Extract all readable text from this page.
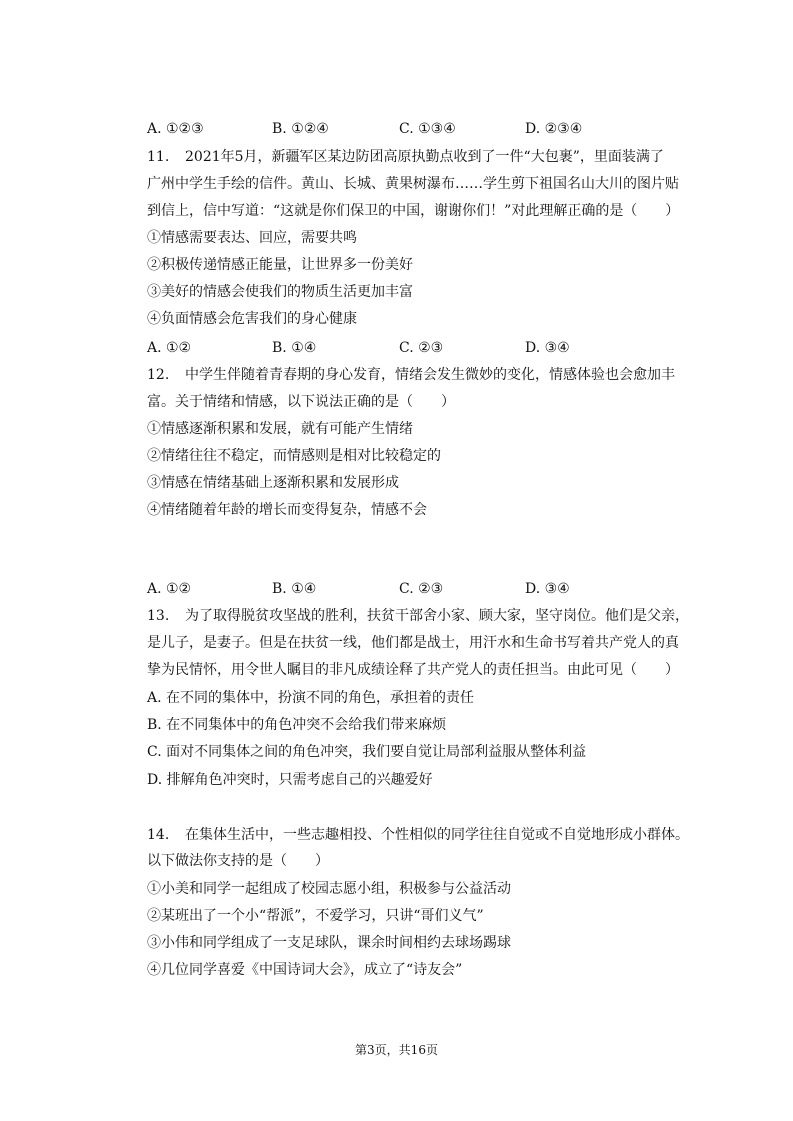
A. ①②③	B. ①②④	C. ①③④	D. ②③④
11. 2021年5月，新疆军区某边防团高原执勤点收到了一件“大包裹”，里面装满了
广州中学生手绘的信件。黄山、长城、黄果树瀑布……学生剪下祖国名山大川的图片贴
到信上，信中写道：“这就是你们保卫的中国，谢谢你们！”对此理解正确的是（　　）
①情感需要表达、回应，需要共鸣
②积极传递情感正能量，让世界多一份美好
③美好的情感会使我们的物质生活更加丰富
④负面情感会危害我们的身心健康
A. ①②	B. ①④	C. ②③	D. ③④
12. 中学生伴随着青春期的身心发育，情绪会发生微妙的变化，情感体验也会愈加丰
富。关于情绪和情感，以下说法正确的是（　　）
①情感逐渐积累和发展，就有可能产生情绪
②情绪往往不稳定，而情感则是相对比较稳定的
③情感在情绪基础上逐渐积累和发展形成
④情绪随着年龄的增长而变得复杂，情感不会
A. ①②	B. ①④	C. ②③	D. ③④
13. 为了取得脱贫攻坚战的胜利，扶贫干部舍小家、顾大家，坚守岗位。他们是父亲，
是儿子，是妻子。但是在扶贫一线，他们都是战士，用汗水和生命书写着共产党人的真
挚为民情怀，用令世人瞩目的非凡成绩诠释了共产党人的责任担当。由此可见（　　）
A. 在不同的集体中，扮演不同的角色，承担着的责任
B. 在不同集体中的角色冲突不会给我们带来麻烦
C. 面对不同集体之间的角色冲突，我们要自觉让局部利益服从整体利益
D. 排解角色冲突时，只需考虑自己的兴趣爱好
14. 在集体生活中，一些志趣相投、个性相似的同学往往自觉或不自觉地形成小群体。
以下做法你支持的是（　　）
①小美和同学一起组成了校园志愿小组，积极参与公益活动
②某班出了一个小“帮派”，不爱学习，只讲“哥们义气”
③小伟和同学组成了一支足球队，课余时间相约去球场踢球
④几位同学喜爱《中国诗词大会》，成立了“诗友会”
第3页，共16页
